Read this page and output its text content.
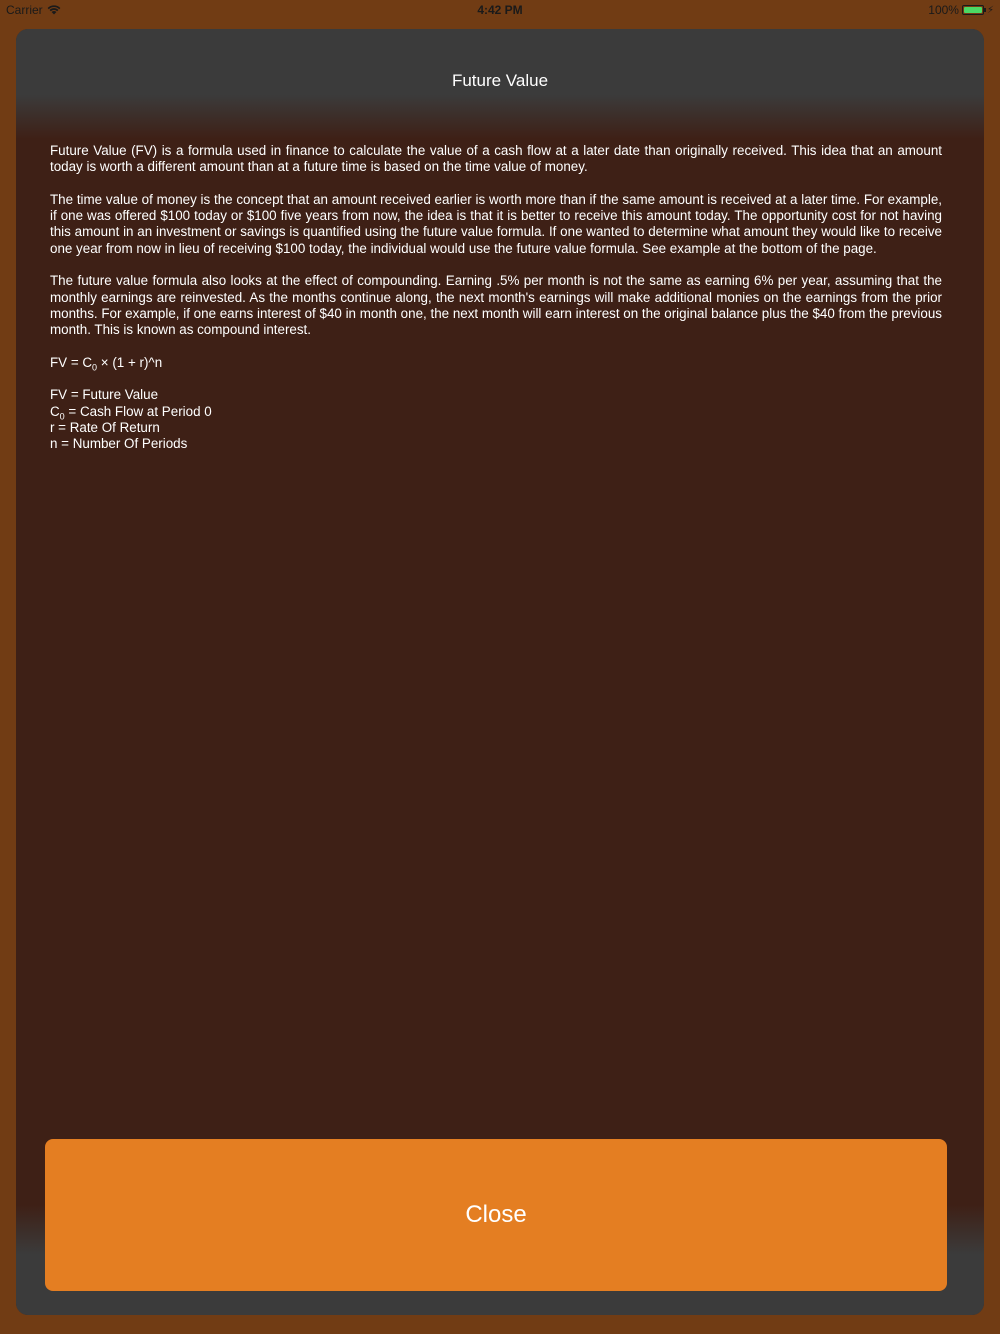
Carrier	4:42 PM	100%	⚡
Future Value

Future Value (FV) is a formula used in finance to calculate the value of a cash flow at a later date than originally received. This idea that an amount today is worth a different amount than at a future time is based on the time value of money.

The time value of money is the concept that an amount received earlier is worth more than if the same amount is received at a later time. For example, if one was offered $100 today or $100 five years from now, the idea is that it is better to receive this amount today. The opportunity cost for not having this amount in an investment or savings is quantified using the future value formula. If one wanted to determine what amount they would like to receive one year from now in lieu of receiving $100 today, the individual would use the future value formula. See example at the bottom of the page.

The future value formula also looks at the effect of compounding. Earning .5% per month is not the same as earning 6% per year, assuming that the monthly earnings are reinvested. As the months continue along, the next month's earnings will make additional monies on the earnings from the prior months. For example, if one earns interest of $40 in month one, the next month will earn interest on the original balance plus the $40 from the previous month. This is known as compound interest.

FV = $C_0 \times (1$ + r)^n
FV = Future Value
$C_0$ = Cash Flow at Period 0
r = Rate Of Return
n = Number Of Periods
Close
